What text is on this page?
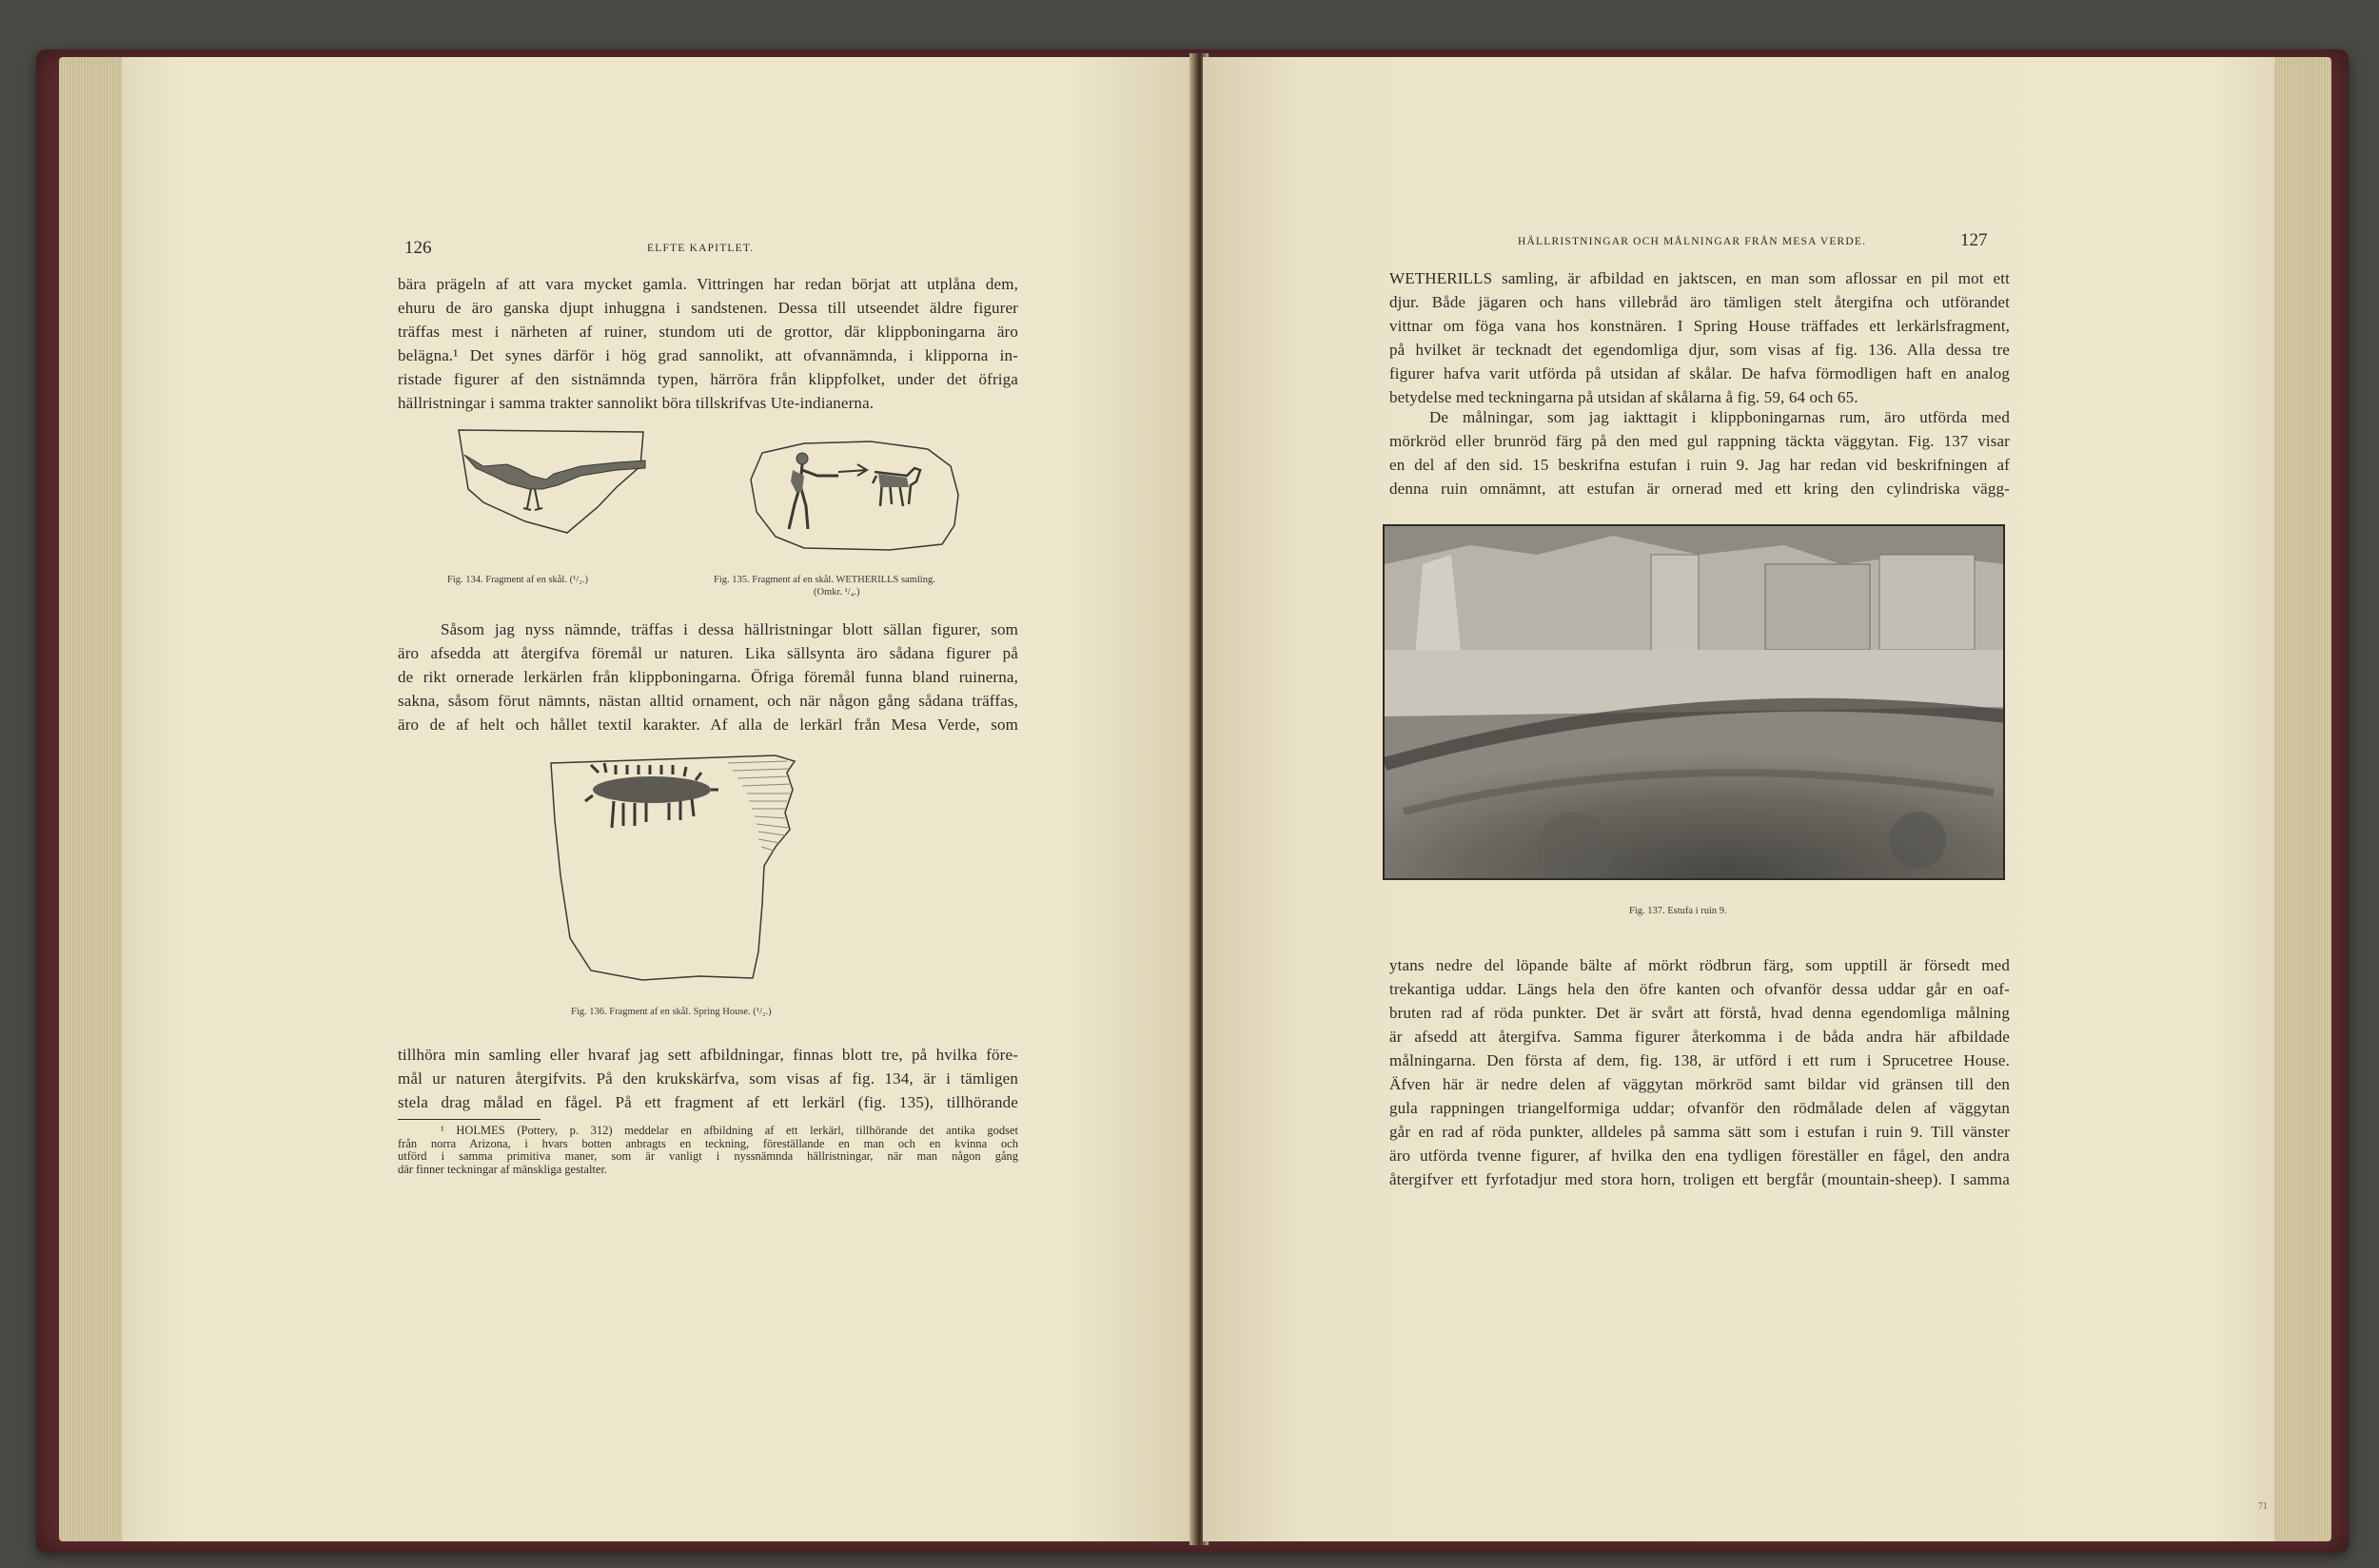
126	ELFTE KAPITLET.
bära prägeln af att vara mycket gamla. Vittringen har redan börjat att utplåna dem,
ehuru de äro ganska djupt inhuggna i sandstenen. Dessa till utseendet äldre figurer
träffas mest i närheten af ruiner, stundom uti de grottor, där klippboningarna äro
belägna.¹ Det synes därför i hög grad sannolikt, att ofvannämnda, i klipporna in-
ristade figurer af den sistnämnda typen, härröra från klippfolket, under det öfriga
hällristningar i samma trakter sannolikt böra tillskrifvas Ute-indianerna.
Fig. 134. Fragment af en skål. (¹/₂.)	Fig. 135. Fragment af en skål. WETHERILLS samling.
(Omkr. ¹/₄.)
Såsom jag nyss nämnde, träffas i dessa hällristningar blott sällan figurer, som
äro afsedda att återgifva föremål ur naturen. Lika sällsynta äro sådana figurer på
de rikt ornerade lerkärlen från klippboningarna. Öfriga föremål funna bland ruinerna,
sakna, såsom förut nämnts, nästan alltid ornament, och när någon gång sådana träffas,
äro de af helt och hållet textil karakter. Af alla de lerkärl från Mesa Verde, som
Fig. 136. Fragment af en skål. Spring House. (¹/₂.)
tillhöra min samling eller hvaraf jag sett afbildningar, finnas blott tre, på hvilka före-
mål ur naturen återgifvits. På den krukskärfva, som visas af fig. 134, är i tämligen
stela drag målad en fågel. På ett fragment af ett lerkärl (fig. 135), tillhörande
¹ HOLMES (Pottery, p. 312) meddelar en afbildning af ett lerkärl, tillhörande det antika godset
från norra Arizona, i hvars botten anbragts en teckning, föreställande en man och en kvinna och
utförd i samma primitiva maner, som är vanligt i nyssnämnda hällristningar, när man någon gång
där finner teckningar af mänskliga gestalter.
HÄLLRISTNINGAR OCH MÅLNINGAR FRÅN MESA VERDE.	127
WETHERILLS samling, är afbildad en jaktscen, en man som aflossar en pil mot ett
djur. Både jägaren och hans villebråd äro tämligen stelt återgifna och utförandet
vittnar om föga vana hos konstnären. I Spring House träffades ett lerkärlsfragment,
på hvilket är tecknadt det egendomliga djur, som visas af fig. 136. Alla dessa tre
figurer hafva varit utförda på utsidan af skålar. De hafva förmodligen haft en analog
betydelse med teckningarna på utsidan af skålarna å fig. 59, 64 och 65.
De målningar, som jag iakttagit i klippboningarnas rum, äro utförda med
mörkröd eller brunröd färg på den med gul rappning täckta väggytan. Fig. 137 visar
en del af den sid. 15 beskrifna estufan i ruin 9. Jag har redan vid beskrifningen af
denna ruin omnämnt, att estufan är ornerad med ett kring den cylindriska vägg-
Fig. 137. Estufa i ruin 9.
ytans nedre del löpande bälte af mörkt rödbrun färg, som upptill är försedt med
trekantiga uddar. Längs hela den öfre kanten och ofvanför dessa uddar går en oaf-
bruten rad af röda punkter. Det är svårt att förstå, hvad denna egendomliga målning
är afsedd att återgifva. Samma figurer återkomma i de båda andra här afbildade
målningarna. Den första af dem, fig. 138, är utförd i ett rum i Sprucetree House.
Äfven här är nedre delen af väggytan mörkröd samt bildar vid gränsen till den
gula rappningen triangelformiga uddar; ofvanför den rödmålade delen af väggytan
går en rad af röda punkter, alldeles på samma sätt som i estufan i ruin 9. Till vänster
äro utförda tvenne figurer, af hvilka den ena tydligen föreställer en fågel, den andra
återgifver ett fyrfotadjur med stora horn, troligen ett bergfår (mountain-sheep). I samma
71
